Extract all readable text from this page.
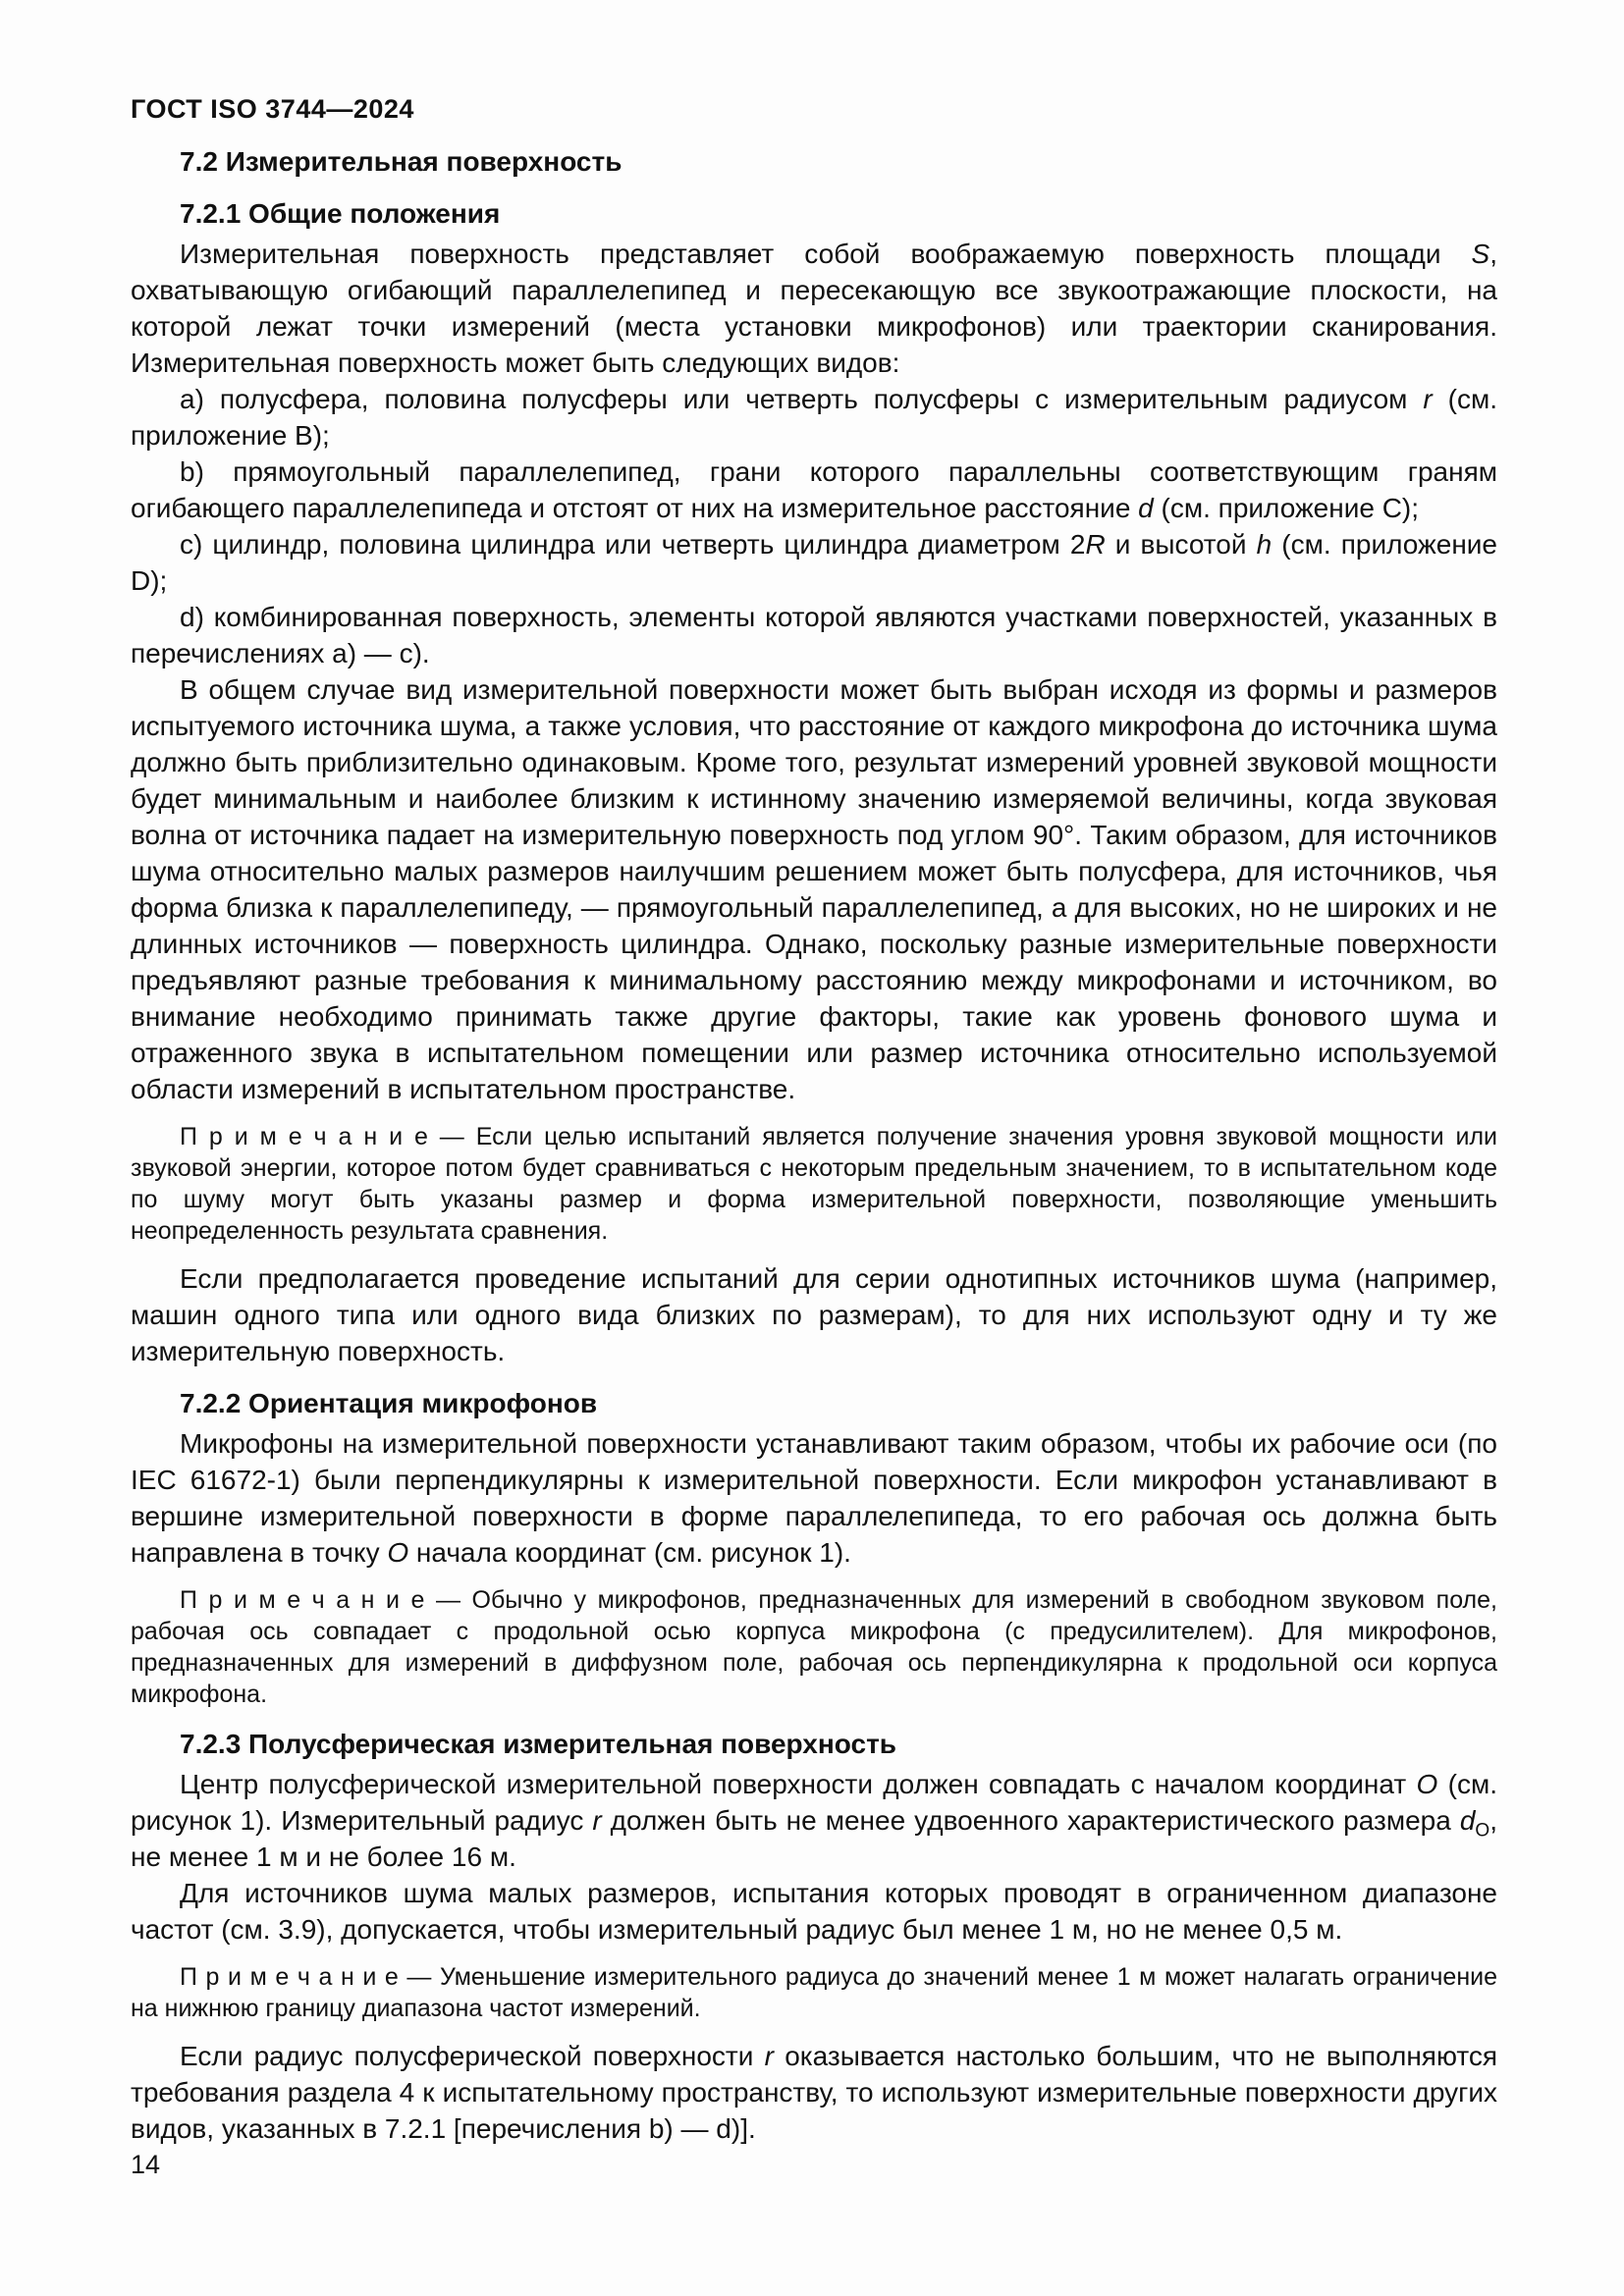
ГОСТ ISO 3744—2024

7.2 Измерительная поверхность

7.2.1 Общие положения

Измерительная поверхность представляет собой воображаемую поверхность площади S, охватывающую огибающий параллелепипед и пересекающую все звукоотражающие плоскости, на которой лежат точки измерений (места установки микрофонов) или траектории сканирования. Измерительная поверхность может быть следующих видов:

a) полусфера, половина полусферы или четверть полусферы с измерительным радиусом r (см. приложение B);

b) прямоугольный параллелепипед, грани которого параллельны соответствующим граням огибающего параллелепипеда и отстоят от них на измерительное расстояние d (см. приложение C);

c) цилиндр, половина цилиндра или четверть цилиндра диаметром 2R и высотой h (см. приложение D);

d) комбинированная поверхность, элементы которой являются участками поверхностей, указанных в перечислениях a) — c).

В общем случае вид измерительной поверхности может быть выбран исходя из формы и размеров испытуемого источника шума, а также условия, что расстояние от каждого микрофона до источника шума должно быть приблизительно одинаковым. Кроме того, результат измерений уровней звуковой мощности будет минимальным и наиболее близким к истинному значению измеряемой величины, когда звуковая волна от источника падает на измерительную поверхность под углом 90°. Таким образом, для источников шума относительно малых размеров наилучшим решением может быть полусфера, для источников, чья форма близка к параллелепипеду, — прямоугольный параллелепипед, а для высоких, но не широких и не длинных источников — поверхность цилиндра. Однако, поскольку разные измерительные поверхности предъявляют разные требования к минимальному расстоянию между микрофонами и источником, во внимание необходимо принимать также другие факторы, такие как уровень фонового шума и отраженного звука в испытательном помещении или размер источника относительно используемой области измерений в испытательном пространстве.

П р и м е ч а н и е — Если целью испытаний является получение значения уровня звуковой мощности или звуковой энергии, которое потом будет сравниваться с некоторым предельным значением, то в испытательном коде по шуму могут быть указаны размер и форма измерительной поверхности, позволяющие уменьшить неопределенность результата сравнения.

Если предполагается проведение испытаний для серии однотипных источников шума (например, машин одного типа или одного вида близких по размерам), то для них используют одну и ту же измерительную поверхность.

7.2.2 Ориентация микрофонов

Микрофоны на измерительной поверхности устанавливают таким образом, чтобы их рабочие оси (по IEC 61672-1) были перпендикулярны к измерительной поверхности. Если микрофон устанавливают в вершине измерительной поверхности в форме параллелепипеда, то его рабочая ось должна быть направлена в точку O начала координат (см. рисунок 1).

П р и м е ч а н и е — Обычно у микрофонов, предназначенных для измерений в свободном звуковом поле, рабочая ось совпадает с продольной осью корпуса микрофона (с предусилителем). Для микрофонов, предназначенных для измерений в диффузном поле, рабочая ось перпендикулярна к продольной оси корпуса микрофона.

7.2.3 Полусферическая измерительная поверхность

Центр полусферической измерительной поверхности должен совпадать с началом координат O (см. рисунок 1). Измерительный радиус r должен быть не менее удвоенного характеристического размера $d_O$, не менее 1 м и не более 16 м.

Для источников шума малых размеров, испытания которых проводят в ограниченном диапазоне частот (см. 3.9), допускается, чтобы измерительный радиус был менее 1 м, но не менее 0,5 м.

П р и м е ч а н и е — Уменьшение измерительного радиуса до значений менее 1 м может налагать ограничение на нижнюю границу диапазона частот измерений.

Если радиус полусферической поверхности r оказывается настолько большим, что не выполняются требования раздела 4 к испытательному пространству, то используют измерительные поверхности других видов, указанных в 7.2.1 [перечисления b) — d)].

14
